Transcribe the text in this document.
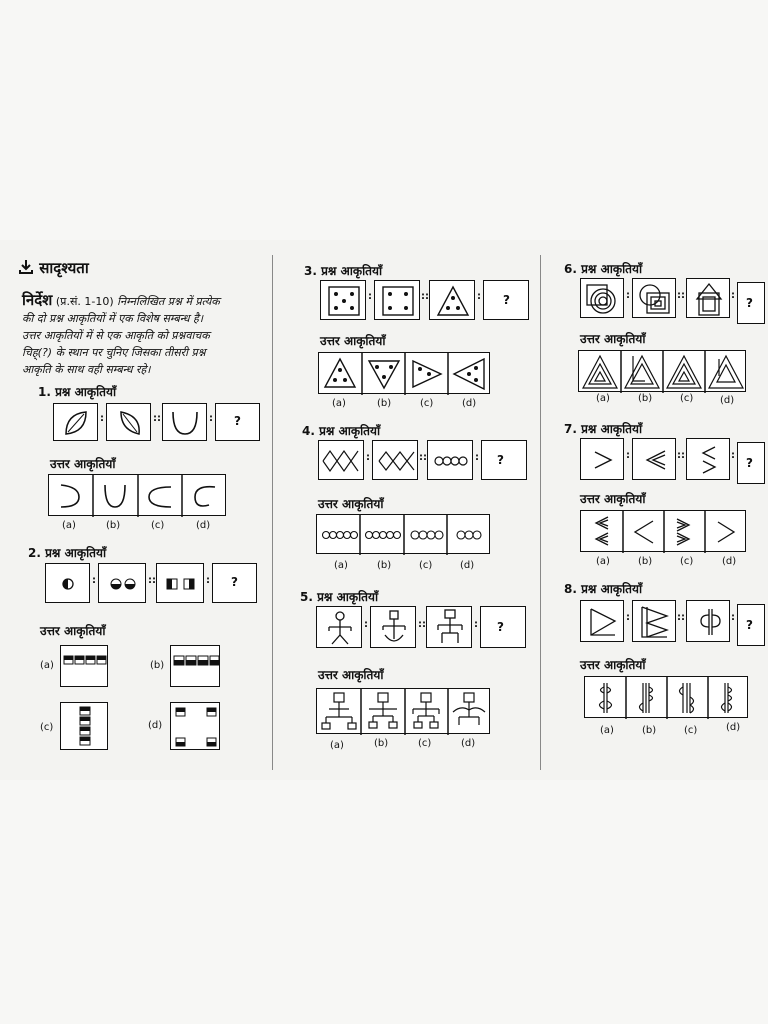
सादृश्यता
निर्देश (प्र.सं. 1-10) निम्नलिखित प्रश्न में प्रत्येक
की दो प्रश्न आकृतियों में एक विशेष सम्बन्ध है।
उत्तर आकृतियों में से एक आकृति को प्रश्नवाचक
चिह्(?) के स्थान पर चुनिए जिसका तीसरी प्रश्न
आकृति के साथ वही सम्बन्ध रहे।
1. प्रश्न आकृतियाँ
:	::	: ?
उत्तर आकृतियाँ
(a)	(b)	(c)	(d)
2. प्रश्न आकृतियाँ
:	::	: ?
उत्तर आकृतियाँ
(a)	(b)
(c)	(d)
3. प्रश्न आकृतियाँ
:	::	: ?
उत्तर आकृतियाँ
(a)	(b)	(c)	(d)
4. प्रश्न आकृतियाँ
:	::	: ?
उत्तर आकृतियाँ
(a)	(b)	(c)	(d)
5. प्रश्न आकृतियाँ
:	::	: ?
उत्तर आकृतियाँ
(a)	(b)	(c)	(d)
6. प्रश्न आकृतियाँ
:	::	:
?
उत्तर आकृतियाँ
(a)	(b)	(c)	(d)
7. प्रश्न आकृतियाँ
:	::	:
?
उत्तर आकृतियाँ
(a)	(b)	(c)	(d)
8. प्रश्न आकृतियाँ
:	::	:
?
उत्तर आकृतियाँ
(a)	(b)	(c)	(d)
